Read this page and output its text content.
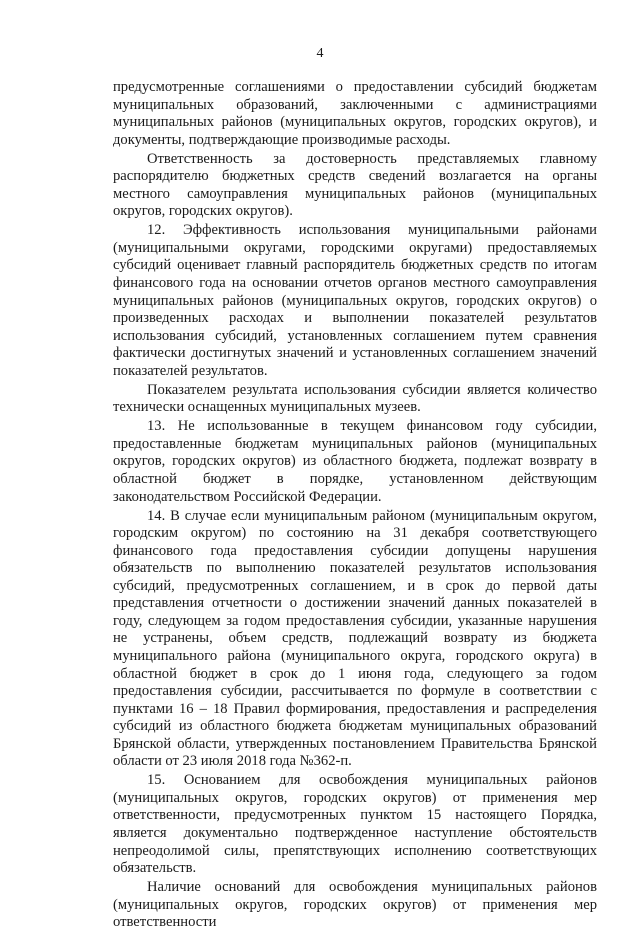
4

предусмотренные соглашениями о предоставлении субсидий бюджетам муниципальных образований, заключенными с администрациями муниципальных районов (муниципальных округов, городских округов), и документы, подтверждающие производимые расходы.

Ответственность за достоверность представляемых главному распорядителю бюджетных средств сведений возлагается на органы местного самоуправления муниципальных районов (муниципальных округов, городских округов).

12. Эффективность использования муниципальными районами (муниципальными округами, городскими округами) предоставляемых субсидий оценивает главный распорядитель бюджетных средств по итогам финансового года на основании отчетов органов местного самоуправления муниципальных районов (муниципальных округов, городских округов) о произведенных расходах и выполнении показателей результатов использования субсидий, установленных соглашением путем сравнения фактически достигнутых значений и установленных соглашением значений показателей результатов.

Показателем результата использования субсидии является количество технически оснащенных муниципальных музеев.

13. Не использованные в текущем финансовом году субсидии, предоставленные бюджетам муниципальных районов (муниципальных округов, городских округов) из областного бюджета, подлежат возврату в областной бюджет в порядке, установленном действующим законодательством Российской Федерации.

14. В случае если муниципальным районом (муниципальным округом, городским округом) по состоянию на 31 декабря соответствующего финансового года предоставления субсидии допущены нарушения обязательств по выполнению показателей результатов использования субсидий, предусмотренных соглашением, и в срок до первой даты представления отчетности о достижении значений данных показателей в году, следующем за годом предоставления субсидии, указанные нарушения не устранены, объем средств, подлежащий возврату из бюджета муниципального района (муниципального округа, городского округа) в областной бюджет в срок до 1 июня года, следующего за годом предоставления субсидии, рассчитывается по формуле в соответствии с пунктами 16 – 18 Правил формирования, предоставления и распределения субсидий из областного бюджета бюджетам муниципальных образований Брянской области, утвержденных постановлением Правительства Брянской области от 23 июля 2018 года №362-п.

15. Основанием для освобождения муниципальных районов (муниципальных округов, городских округов) от применения мер ответственности, предусмотренных пунктом 15 настоящего Порядка, является документально подтвержденное наступление обстоятельств непреодолимой силы, препятствующих исполнению соответствующих обязательств.

Наличие оснований для освобождения муниципальных районов (муниципальных округов, городских округов) от применения мер ответственности
